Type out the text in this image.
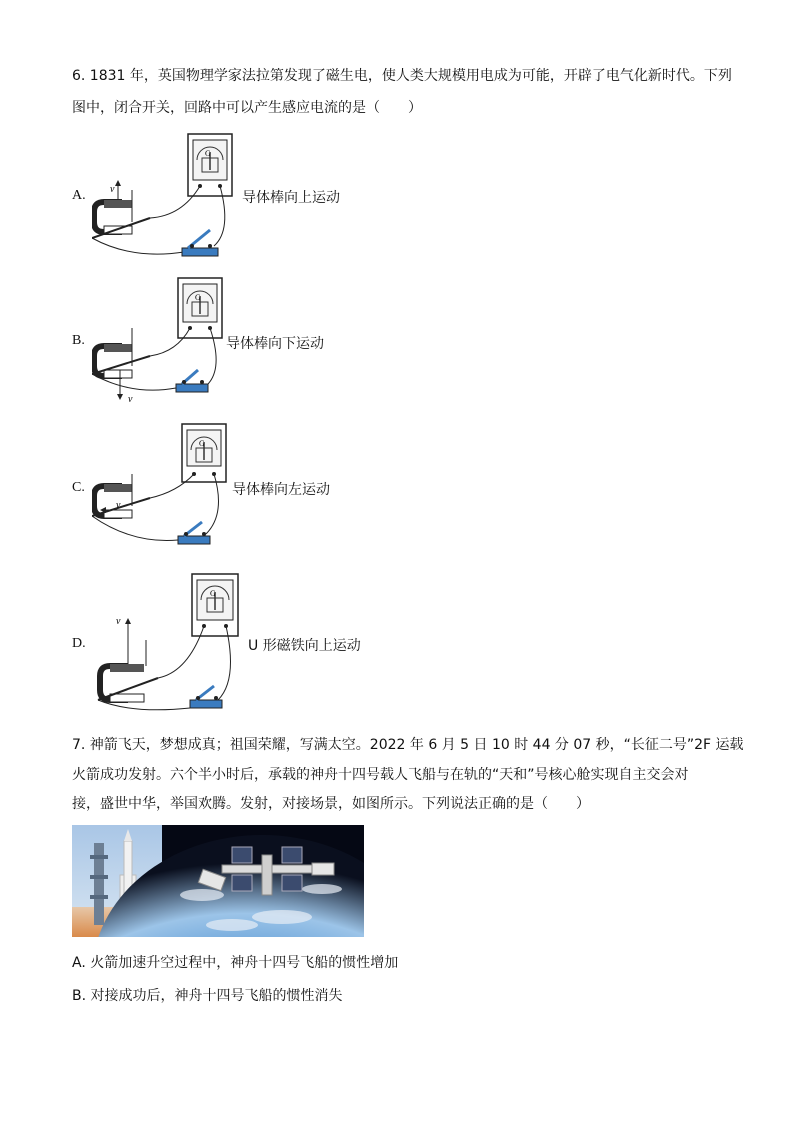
6. 1831 年，英国物理学家法拉第发现了磁生电，使人类大规模用电成为可能，开辟了电气化新时代。下列
图中，闭合开关，回路中可以产生感应电流的是（　　）
A.
G
v
导体棒向上运动
B.
G
v
导体棒向下运动
C.
G
v
导体棒向左运动
D.
G
v
U 形磁铁向上运动
7. 神箭飞天，梦想成真；祖国荣耀，写满太空。2022 年 6 月 5 日 10 时 44 分 07 秒，“长征二号”2F 运载
火箭成功发射。六个半小时后，承载的神舟十四号载人飞船与在轨的“天和”号核心舱实现自主交会对
接，盛世中华，举国欢腾。发射，对接场景，如图所示。下列说法正确的是（　　）
A. 火箭加速升空过程中，神舟十四号飞船的惯性增加
B. 对接成功后，神舟十四号飞船的惯性消失
